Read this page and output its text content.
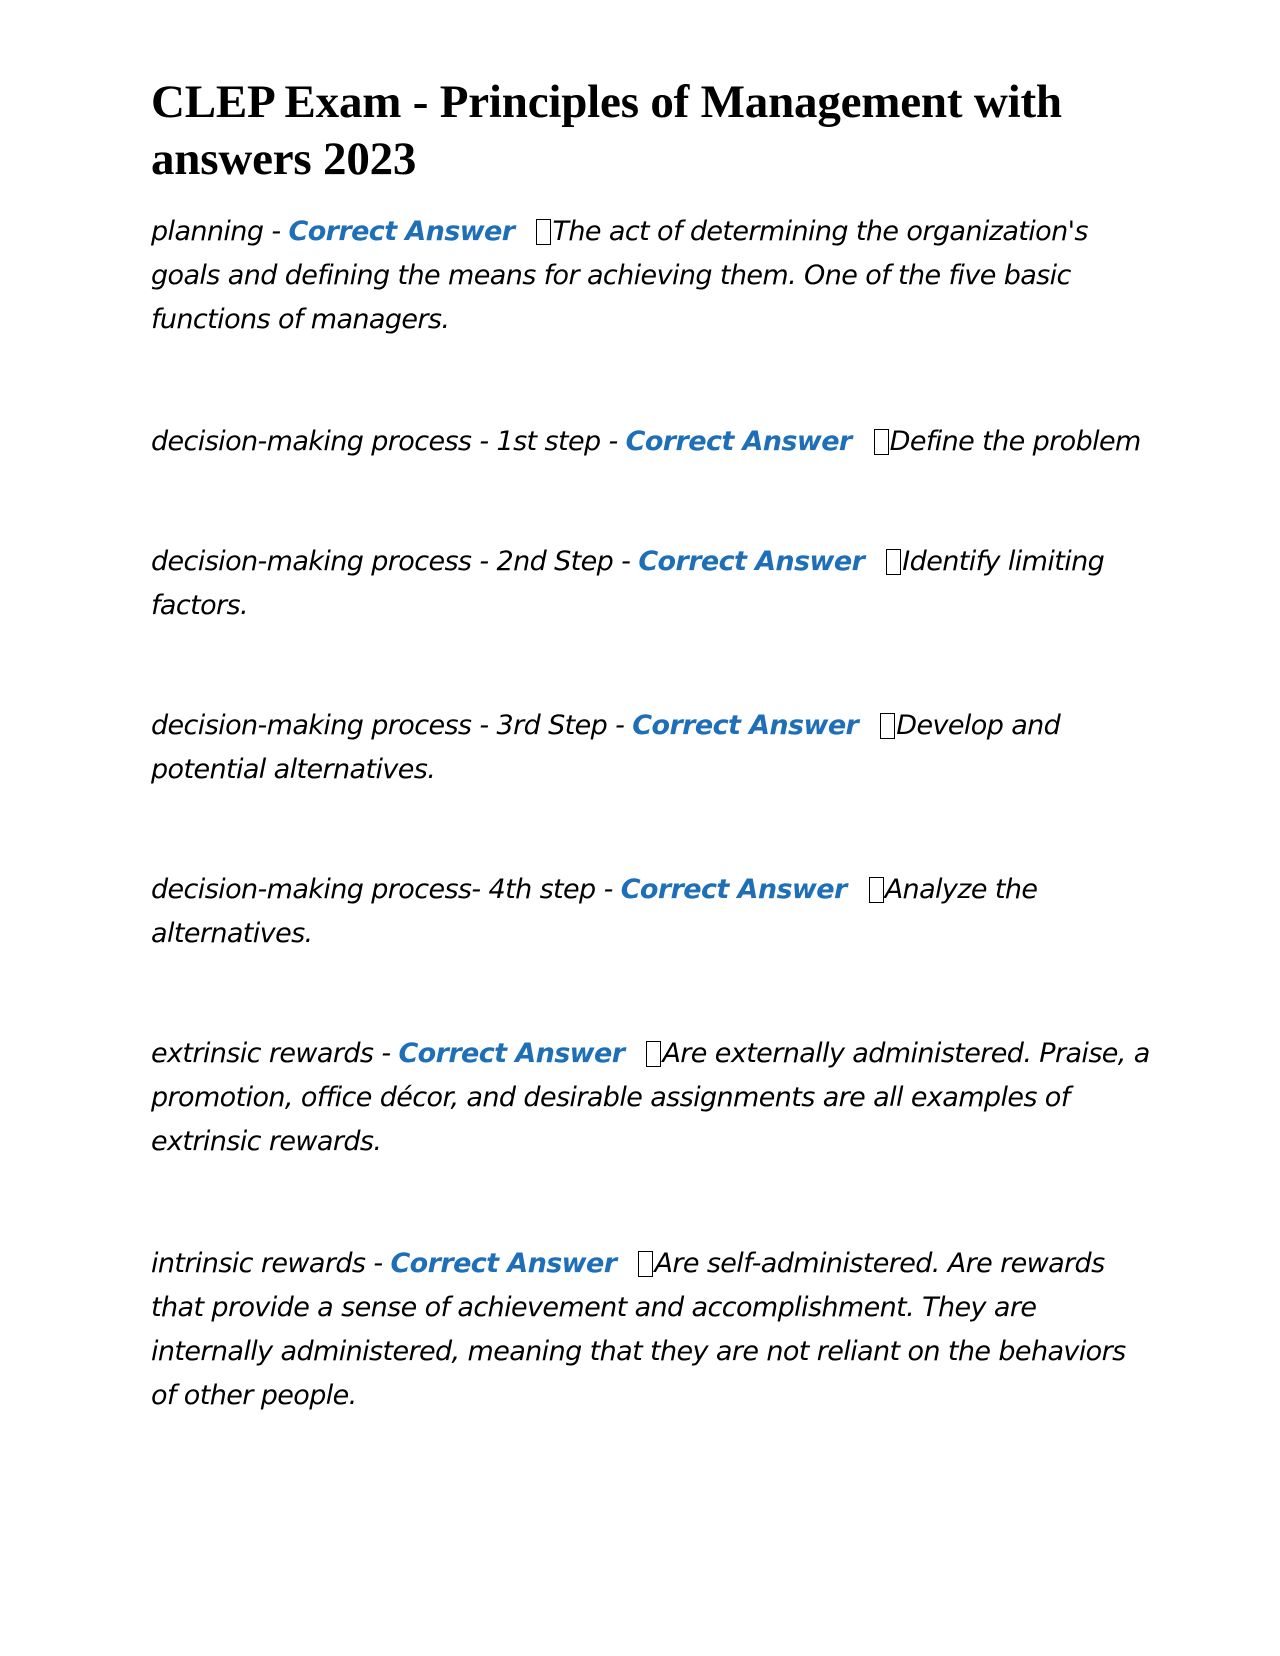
CLEP Exam - Principles of Management with answers 2023

planning - Correct Answer The act of determining the organization's goals and defining the means for achieving them. One of the five basic functions of managers.

decision-making process - 1st step - Correct Answer Define the problem

decision-making process - 2nd Step - Correct Answer Identify limiting factors.

decision-making process - 3rd Step - Correct Answer Develop and potential alternatives.

decision-making process- 4th step - Correct Answer Analyze the alternatives.

extrinsic rewards - Correct Answer Are externally administered. Praise, a promotion, office décor, and desirable assignments are all examples of extrinsic rewards.

intrinsic rewards - Correct Answer Are self-administered. Are rewards that provide a sense of achievement and accomplishment. They are internally administered, meaning that they are not reliant on the behaviors of other people.
